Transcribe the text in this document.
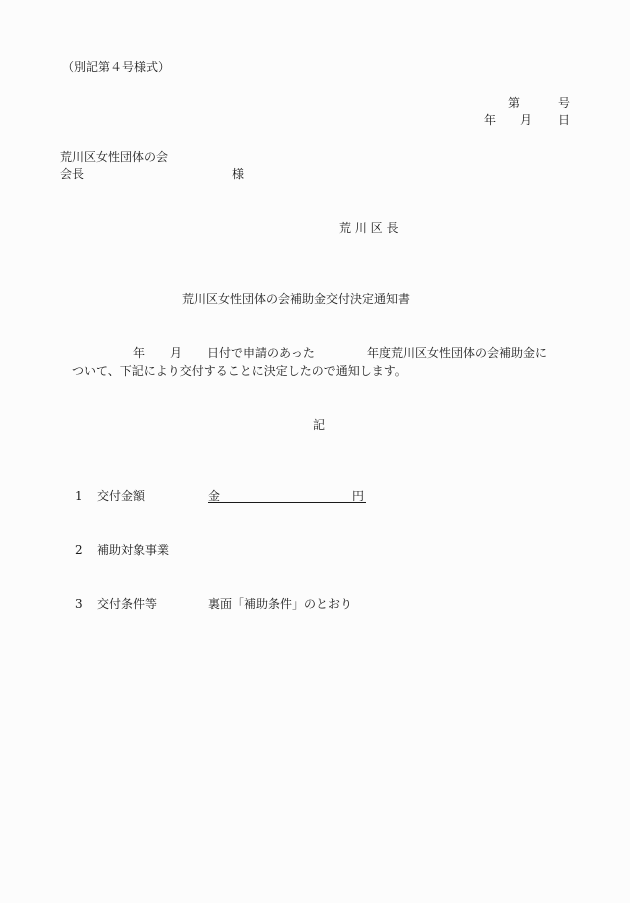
（別記第４号様式）
第	号
年 月 日
荒川区女性団体の会
会長	様
荒 川 区 長
荒川区女性団体の会補助金交付決定通知書
年 月 日付で申請のあった	年度荒川区女性団体の会補助金に
ついて、下記により交付することに決定したので通知します。
記
1 交付金額	金	円
2 補助対象事業
3 交付条件等	裏面「補助条件」のとおり
